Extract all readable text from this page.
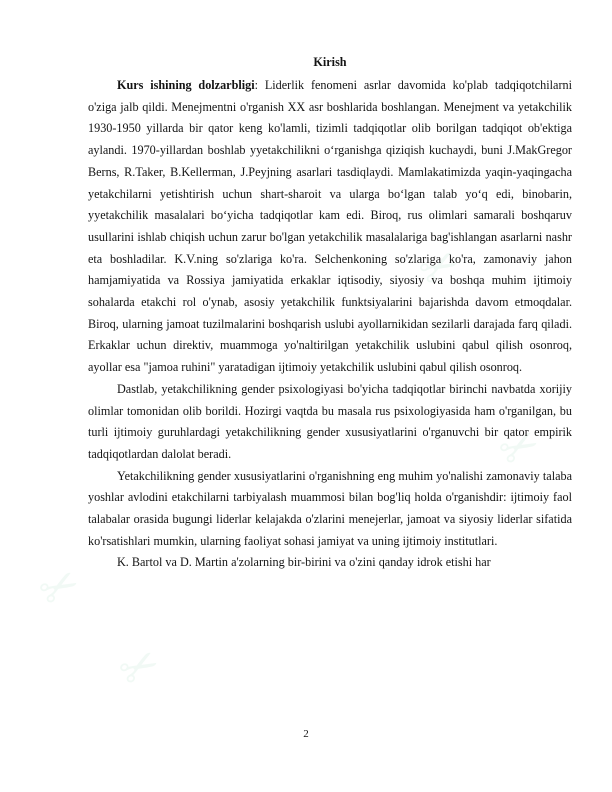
✂
✂
✂
✂
Kirish

Kurs ishining dolzarbligi: Liderlik fenomeni asrlar davomida ko'plab tadqiqotchilarni o'ziga jalb qildi. Menejmentni o'rganish XX asr boshlarida boshlangan. Menejment va yetakchilik 1930-1950 yillarda bir qator keng ko'lamli, tizimli tadqiqotlar olib borilgan tadqiqot ob'ektiga aylandi. 1970-yillardan boshlab yyetakchilikni o‘rganishga qiziqish kuchaydi, buni J.MakGregor Berns, R.Taker, B.Kellerman, J.Peyjning asarlari tasdiqlaydi. Mamlakatimizda yaqin-yaqingacha yetakchilarni yetishtirish uchun shart-sharoit va ularga bo‘lgan talab yo‘q edi, binobarin, yyetakchilik masalalari bo‘yicha tadqiqotlar kam edi. Biroq, rus olimlari samarali boshqaruv usullarini ishlab chiqish uchun zarur bo'lgan yetakchilik masalalariga bag'ishlangan asarlarni nashr eta boshladilar. K.V.ning so'zlariga ko'ra. Selchenkoning so'zlariga ko'ra, zamonaviy jahon hamjamiyatida va Rossiya jamiyatida erkaklar iqtisodiy, siyosiy va boshqa muhim ijtimoiy sohalarda etakchi rol o'ynab, asosiy yetakchilik funktsiyalarini bajarishda davom etmoqdalar. Biroq, ularning jamoat tuzilmalarini boshqarish uslubi ayollarnikidan sezilarli darajada farq qiladi. Erkaklar uchun direktiv, muammoga yo'naltirilgan yetakchilik uslubini qabul qilish osonroq, ayollar esa "jamoa ruhini" yaratadigan ijtimoiy yetakchilik uslubini qabul qilish osonroq.

Dastlab, yetakchilikning gender psixologiyasi bo'yicha tadqiqotlar birinchi navbatda xorijiy olimlar tomonidan olib borildi. Hozirgi vaqtda bu masala rus psixologiyasida ham o'rganilgan, bu turli ijtimoiy guruhlardagi yetakchilikning gender xususiyatlarini o'rganuvchi bir qator empirik tadqiqotlardan dalolat beradi.

Yetakchilikning gender xususiyatlarini o'rganishning eng muhim yo'nalishi zamonaviy talaba yoshlar avlodini etakchilarni tarbiyalash muammosi bilan bog'liq holda o'rganishdir: ijtimoiy faol talabalar orasida bugungi liderlar kelajakda o'zlarini menejerlar, jamoat va siyosiy liderlar sifatida ko'rsatishlari mumkin, ularning faoliyat sohasi jamiyat va uning ijtimoiy institutlari.

K. Bartol va D. Martin a'zolarning bir-birini va o'zini qanday idrok etishi har

2
